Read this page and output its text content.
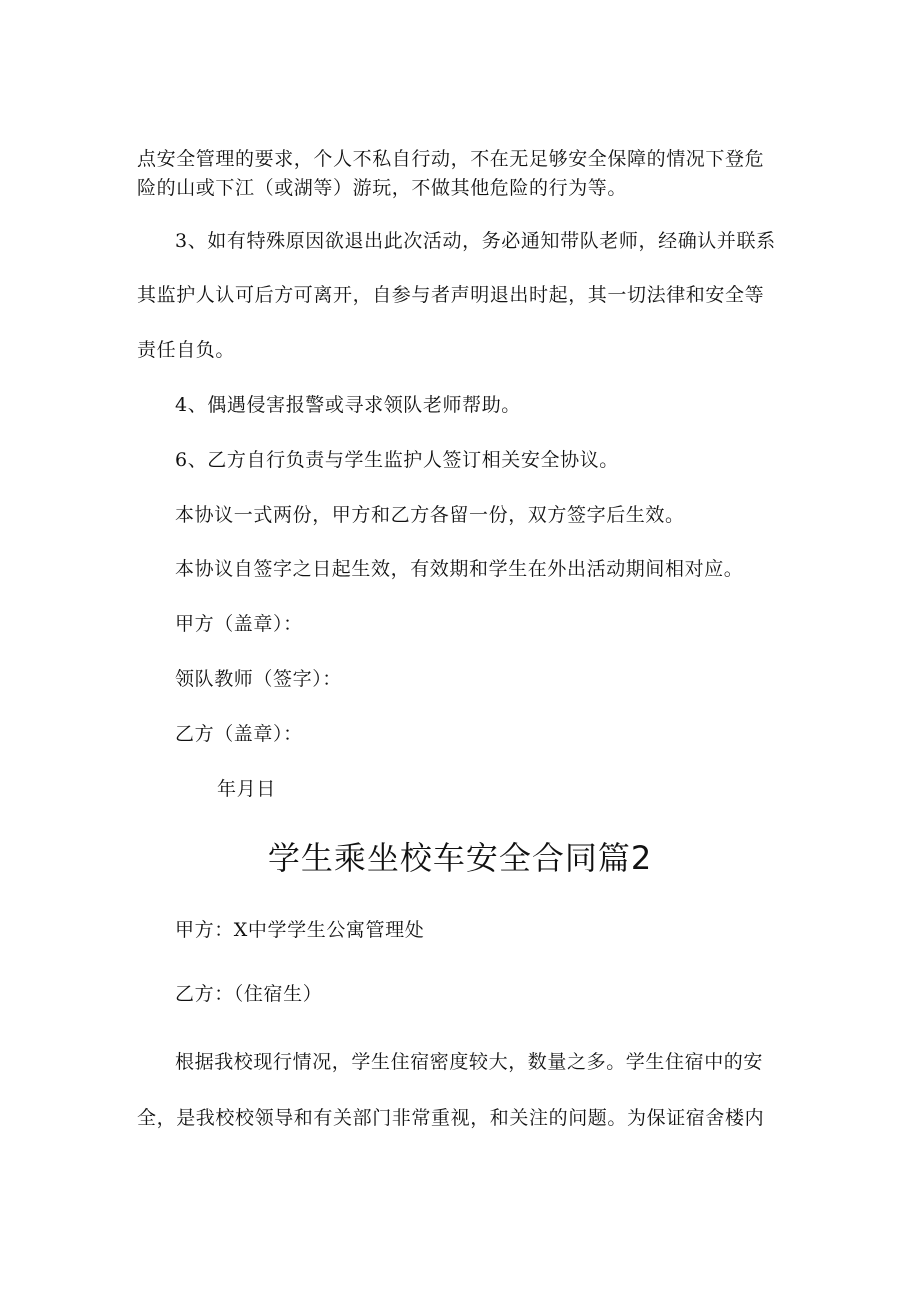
点安全管理的要求，个人不私自行动，不在无足够安全保障的情况下登危
险的山或下江（或湖等）游玩，不做其他危险的行为等。
3、如有特殊原因欲退出此次活动，务必通知带队老师，经确认并联系
其监护人认可后方可离开，自参与者声明退出时起，其一切法律和安全等
责任自负。
4、偶遇侵害报警或寻求领队老师帮助。
6、乙方自行负责与学生监护人签订相关安全协议。
本协议一式两份，甲方和乙方各留一份，双方签字后生效。
本协议自签字之日起生效，有效期和学生在外出活动期间相对应。
甲方（盖章）：
领队教师（签字）：
乙方（盖章）：
年月日
学生乘坐校车安全合同篇2
甲方：X中学学生公寓管理处
乙方：（住宿生）
根据我校现行情况，学生住宿密度较大，数量之多。学生住宿中的安
全，是我校校领导和有关部门非常重视，和关注的问题。为保证宿舍楼内
